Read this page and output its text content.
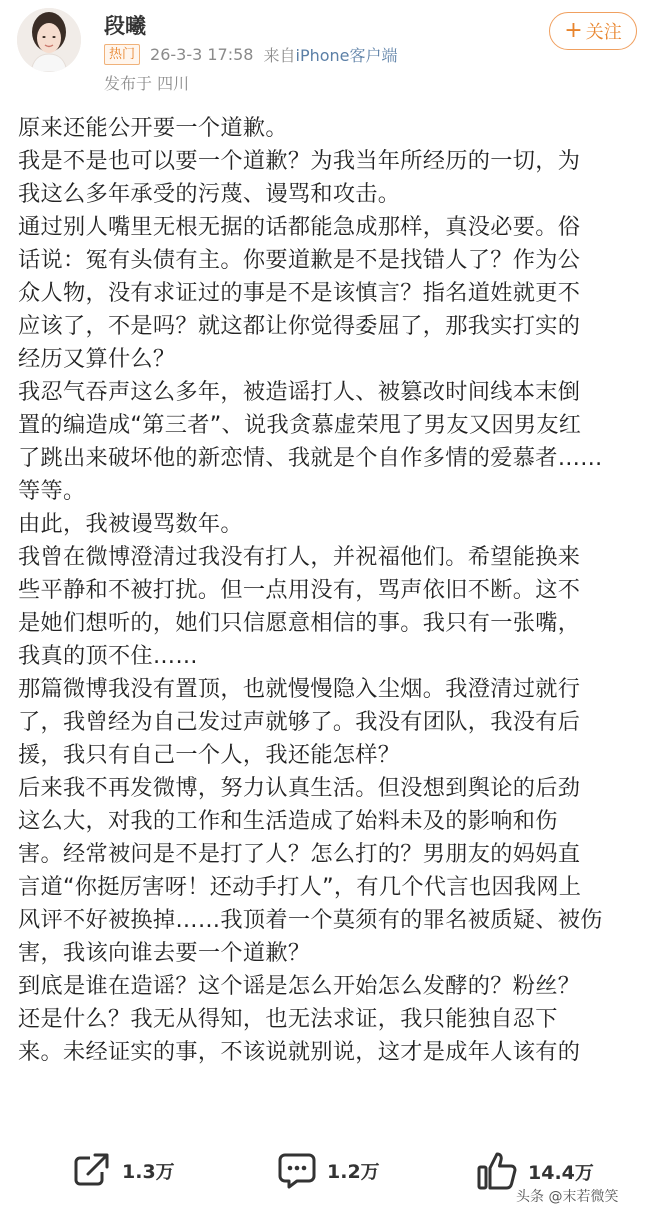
段曦
热门 26-3-3 17:58 来自 iPhone客户端
发布于 四川
+ 关注
原来还能公开要一个道歉。
我是不是也可以要一个道歉？为我当年所经历的一切，为
我这么多年承受的污蔑、谩骂和攻击。
通过别人嘴里无根无据的话都能急成那样，真没必要。俗
话说：冤有头债有主。你要道歉是不是找错人了？作为公
众人物，没有求证过的事是不是该慎言？指名道姓就更不
应该了，不是吗？就这都让你觉得委屈了，那我实打实的
经历又算什么？
我忍气吞声这么多年，被造谣打人、被篡改时间线本末倒
置的编造成“第三者”、说我贪慕虚荣甩了男友又因男友红
了跳出来破坏他的新恋情、我就是个自作多情的爱慕者……
等等。
由此，我被谩骂数年。
我曾在微博澄清过我没有打人，并祝福他们。希望能换来
些平静和不被打扰。但一点用没有，骂声依旧不断。这不
是她们想听的，她们只信愿意相信的事。我只有一张嘴，
我真的顶不住……
那篇微博我没有置顶，也就慢慢隐入尘烟。我澄清过就行
了，我曾经为自己发过声就够了。我没有团队，我没有后
援，我只有自己一个人，我还能怎样？
后来我不再发微博，努力认真生活。但没想到舆论的后劲
这么大，对我的工作和生活造成了始料未及的影响和伤
害。经常被问是不是打了人？怎么打的？男朋友的妈妈直
言道“你挺厉害呀！还动手打人”，有几个代言也因我网上
风评不好被换掉……我顶着一个莫须有的罪名被质疑、被伤
害，我该向谁去要一个道歉？
到底是谁在造谣？这个谣是怎么开始怎么发酵的？粉丝？
还是什么？我无从得知，也无法求证，我只能独自忍下
来。未经证实的事，不该说就别说，这才是成年人该有的
1.3万	1.2万	14.4万
头条 @末若微笑
